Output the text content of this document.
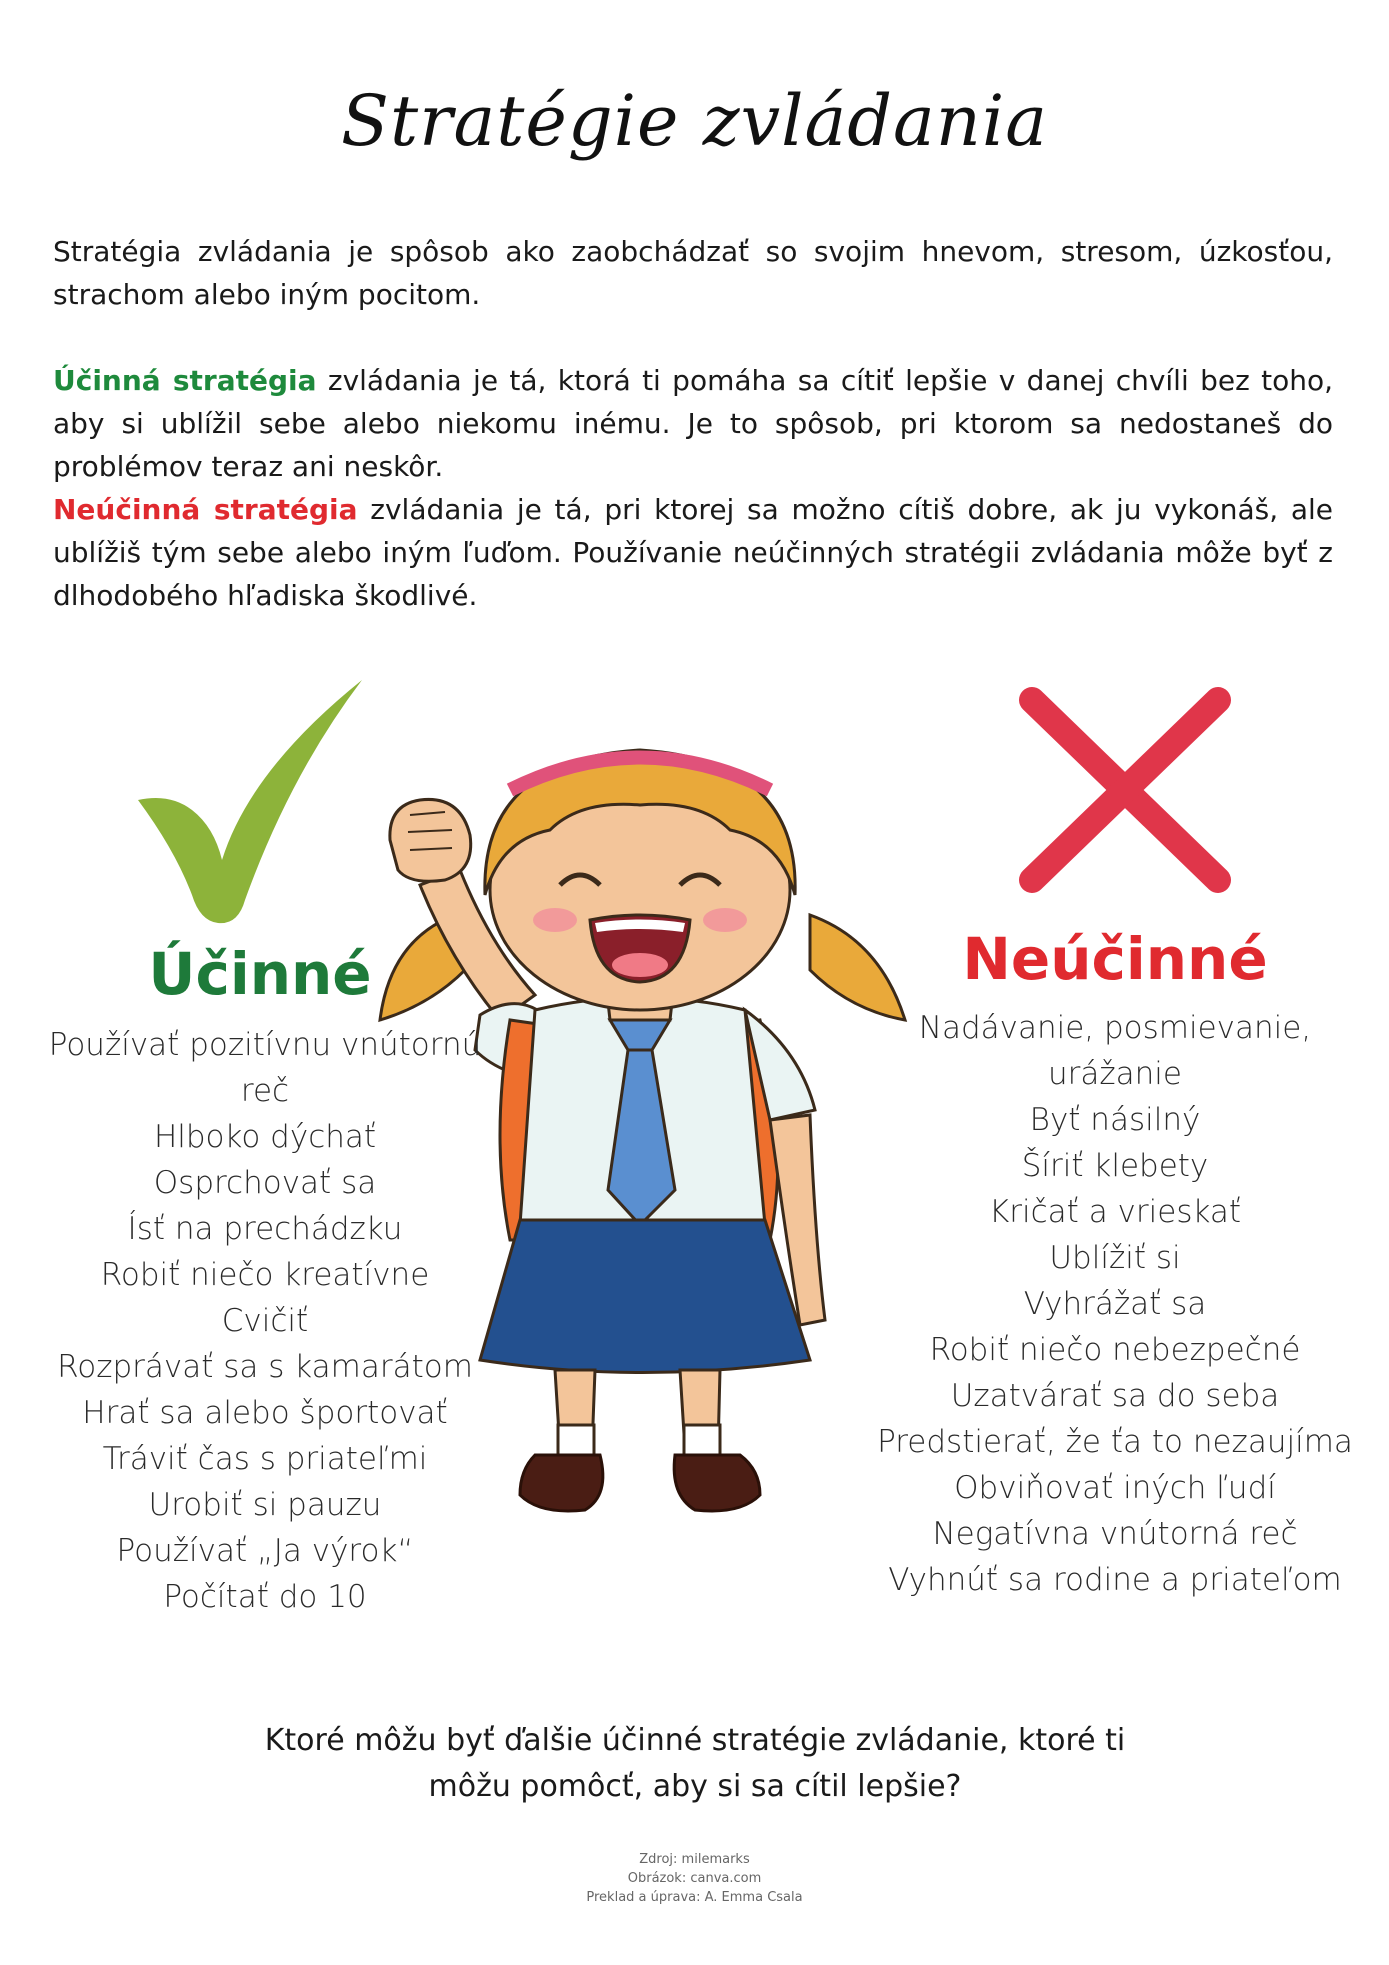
Stratégie zvládania

Stratégia zvládania je spôsob ako zaobchádzať so svojim hnevom, stresom, úzkosťou, strachom alebo iným pocitom.

Účinná stratégia zvládania je tá, ktorá ti pomáha sa cítiť lepšie v danej chvíli bez toho, aby si ublížil sebe alebo niekomu inému. Je to spôsob, pri ktorom sa nedostaneš do problémov teraz ani neskôr.

Neúčinná stratégia zvládania je tá, pri ktorej sa možno cítiš dobre, ak ju vykonáš, ale ublížiš tým sebe alebo iným ľuďom. Používanie neúčinných stratégii zvládania môže byť z dlhodobého hľadiska škodlivé.

Účinné
Používať pozitívnu vnútornú reč
Hlboko dýchať
Osprchovať sa
Ísť na prechádzku
Robiť niečo kreatívne
Cvičiť
Rozprávať sa s kamarátom
Hrať sa alebo športovať
Tráviť čas s priateľmi
Urobiť si pauzu
Používať „Ja výrok“
Počítať do 10
Neúčinné
Nadávanie, posmievanie, urážanie
Byť násilný
Šíriť klebety
Kričať a vrieskať
Ublížiť si
Vyhrážať sa
Robiť niečo nebezpečné
Uzatvárať sa do seba
Predstierať, že ťa to nezaujíma
Obviňovať iných ľudí
Negatívna vnútorná reč
Vyhnúť sa rodine a priateľom
Ktoré môžu byť ďalšie účinné stratégie zvládanie, ktoré ti môžu pomôcť, aby si sa cítil lepšie?
Zdroj: milemarks
Obrázok: canva.com
Preklad a úprava: A. Emma Csala
